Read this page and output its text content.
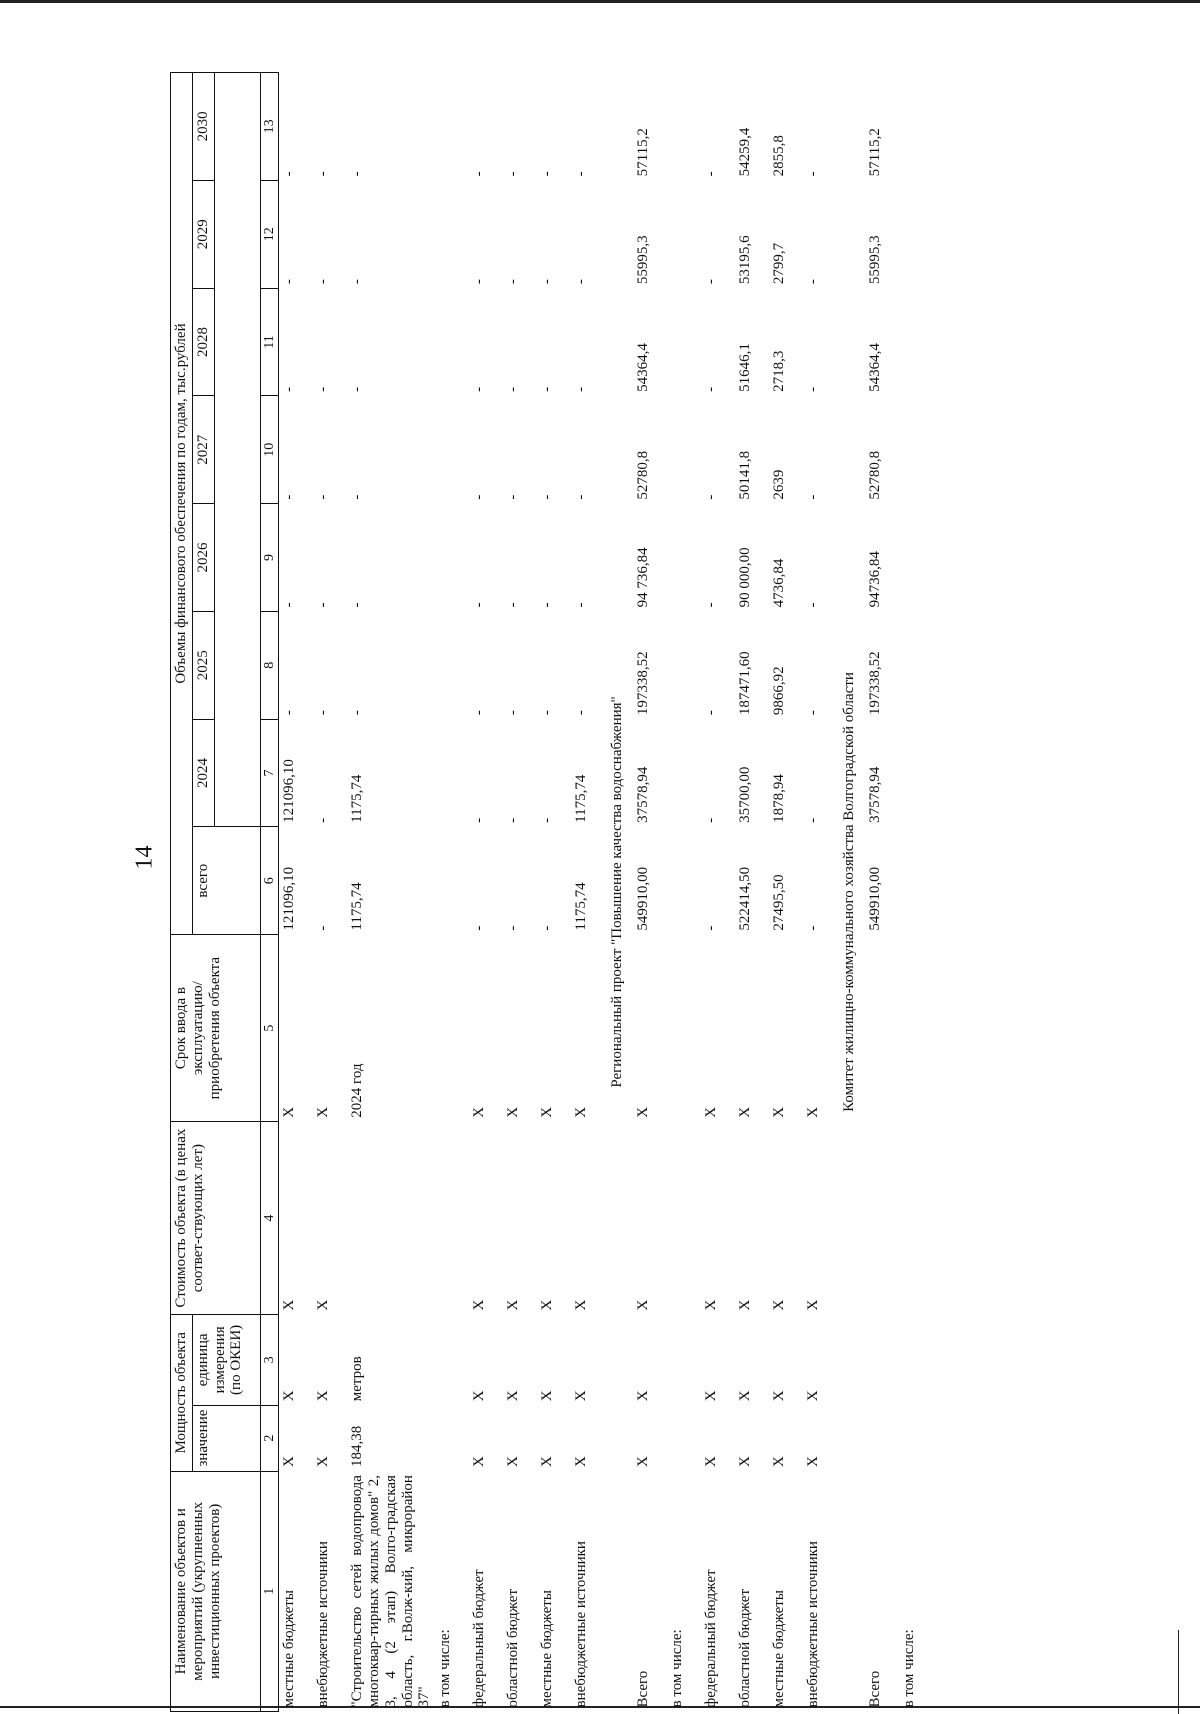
14
Наименование объектов и мероприятий (укрупненных инвестиционных проектов)	Мощность объекта		Стоимость объекта (в ценах соответ-ствующих лет)	Срок ввода в эксплуатацию/ приобретения объекта	Объемы финансового обеспечения по годам, тыс.рублей							
	значение	единица измерения (по ОКЕИ)			всего	2024	2025	2026	2027	2028	2029	2030

1	2	3	4	5	6	7	8	9	10	11	12	13
местные бюджеты	X	X	X	X	121096,10	121096,10	-	-	-	-	-	-
внебюджетные источники	X	X	X	X	-	-	-	-	-	-	-	-
"Строительство сетей водопровода многоквар-тирных жилых домов" 2, 3, 4 (2 этап) Волго-градская область, г.Волж-кий, микрорайон 37"	184,38	метров		2024 год	1175,74	1175,74	-	-	-	-	-	-
в том числе:												
федеральный бюджет	X	X	X	X	-	-	-	-	-	-	-	-
областной бюджет	X	X	X	X	-	-	-	-	-	-	-	-
местные бюджеты	X	X	X	X	-	-	-	-	-	-	-	-
внебюджетные источники	X	X	X	X	1175,74	1175,74	-	-	-	-	-	-
Региональный проект "Повышение качества водоснабжения"												
Всего	X	X	X	X	549910,00	37578,94	197338,52	94 736,84	52780,8	54364,4	55995,3	57115,2
в том числе:												
федеральный бюджет	X	X	X	X	-	-	-	-	-	-	-	-
областной бюджет	X	X	X	X	522414,50	35700,00	187471,60	90 000,00	50141,8	51646,1	53195,6	54259,4
местные бюджеты	X	X	X	X	27495,50	1878,94	9866,92	4736,84	2639	2718,3	2799,7	2855,8
внебюджетные источники	X	X	X	X	-	-	-	-	-	-	-	-
Комитет жилищно-коммунального хозяйства Волгоградской области												
Всего					549910,00	37578,94	197338,52	94736,84	52780,8	54364,4	55995,3	57115,2
в том числе:												
